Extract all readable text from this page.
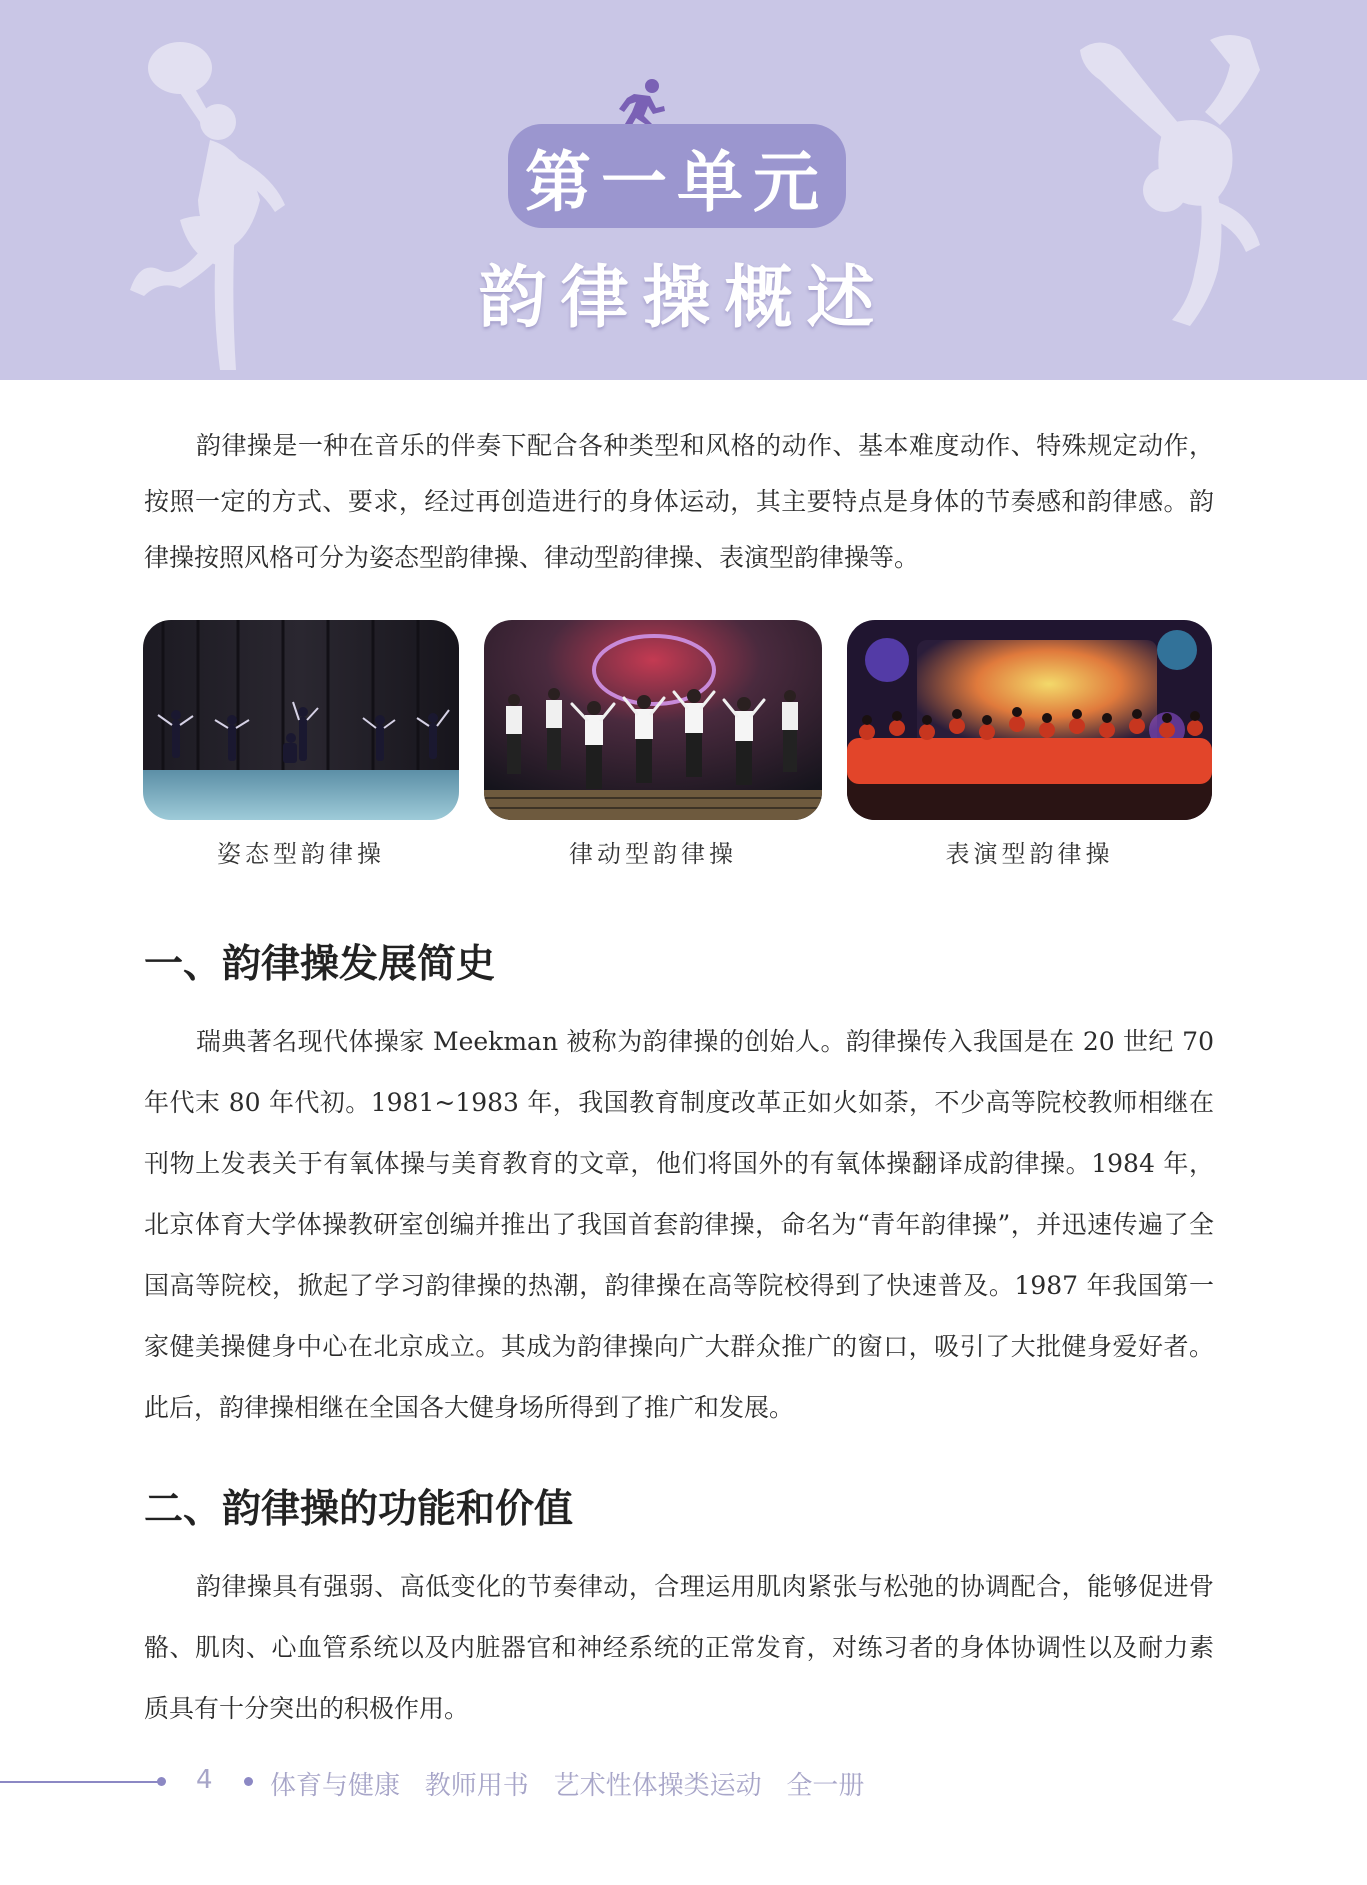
第一单元
韵律操概述

韵律操是一种在音乐的伴奏下配合各种类型和风格的动作、基本难度动作、特殊规定动作，按照一定的方式、要求，经过再创造进行的身体运动，其主要特点是身体的节奏感和韵律感。韵律操按照风格可分为姿态型韵律操、律动型韵律操、表演型韵律操等。

姿态型韵律操	律动型韵律操	表演型韵律操
一、韵律操发展简史

瑞典著名现代体操家 Meekman 被称为韵律操的创始人。韵律操传入我国是在 20 世纪 70 年代末 80 年代初。1981~1983 年，我国教育制度改革正如火如荼，不少高等院校教师相继在刊物上发表关于有氧体操与美育教育的文章，他们将国外的有氧体操翻译成韵律操。1984 年，北京体育大学体操教研室创编并推出了我国首套韵律操，命名为“青年韵律操”，并迅速传遍了全国高等院校，掀起了学习韵律操的热潮，韵律操在高等院校得到了快速普及。1987 年我国第一家健美操健身中心在北京成立。其成为韵律操向广大群众推广的窗口，吸引了大批健身爱好者。此后，韵律操相继在全国各大健身场所得到了推广和发展。

二、韵律操的功能和价值

韵律操具有强弱、高低变化的节奏律动，合理运用肌肉紧张与松弛的协调配合，能够促进骨骼、肌肉、心血管系统以及内脏器官和神经系统的正常发育，对练习者的身体协调性以及耐力素质具有十分突出的积极作用。

4 体育与健康   教师用书   艺术性体操类运动   全一册
